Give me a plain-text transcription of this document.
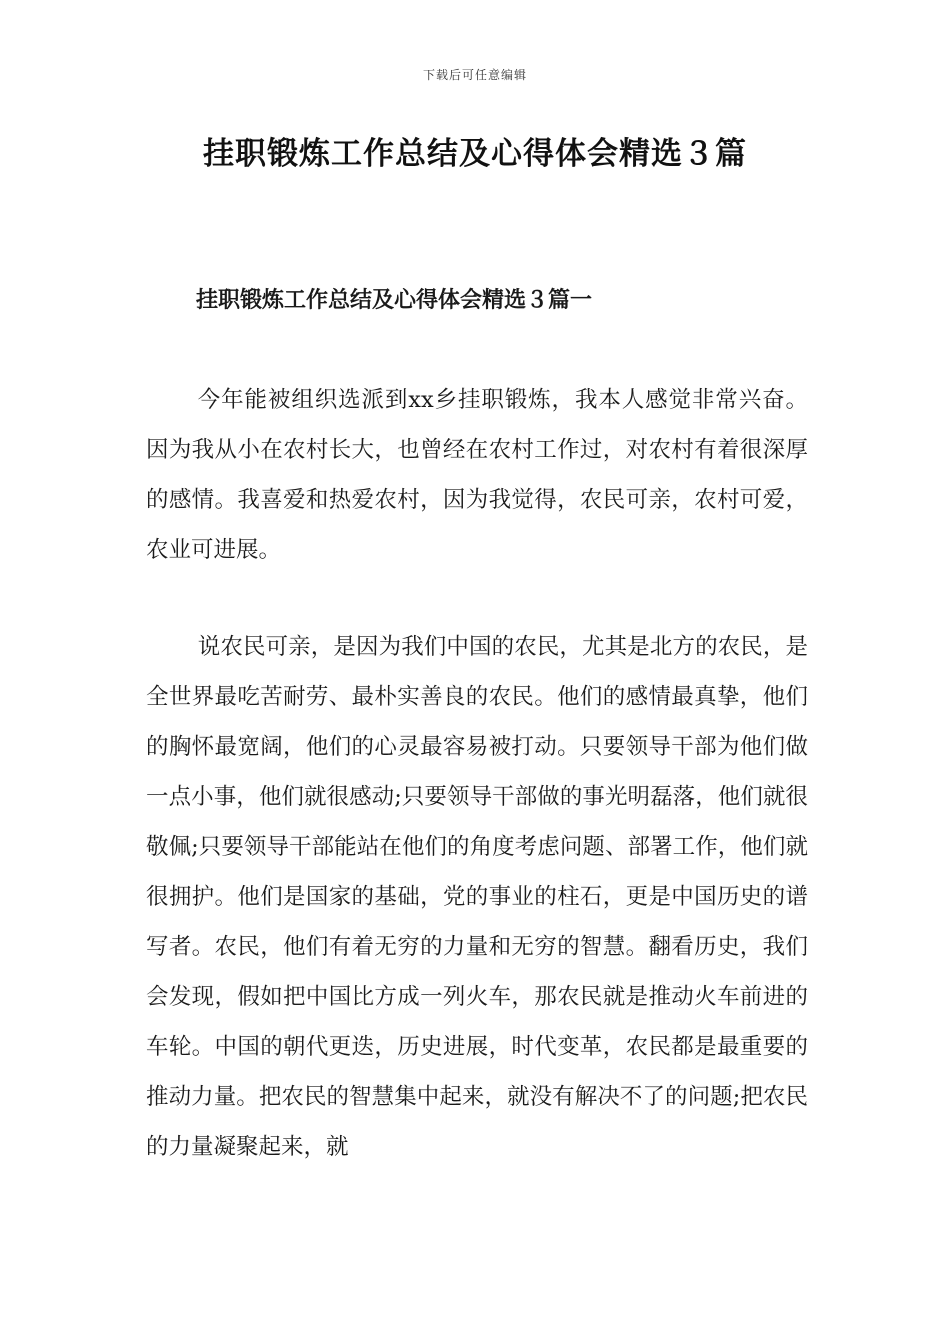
下载后可任意编辑
挂职锻炼工作总结及心得体会精选３篇
挂职锻炼工作总结及心得体会精选３篇一

今年能被组织选派到xx乡挂职锻炼，我本人感觉非常兴奋。因为我从小在农村长大，也曾经在农村工作过，对农村有着很深厚的感情。我喜爱和热爱农村，因为我觉得，农民可亲，农村可爱，农业可进展。

说农民可亲，是因为我们中国的农民，尤其是北方的农民，是全世界最吃苦耐劳、最朴实善良的农民。他们的感情最真挚，他们的胸怀最宽阔，他们的心灵最容易被打动。只要领导干部为他们做一点小事，他们就很感动;只要领导干部做的事光明磊落，他们就很敬佩;只要领导干部能站在他们的角度考虑问题、部署工作，他们就很拥护。他们是国家的基础，党的事业的柱石，更是中国历史的谱写者。农民，他们有着无穷的力量和无穷的智慧。翻看历史，我们会发现，假如把中国比方成一列火车，那农民就是推动火车前进的车轮。中国的朝代更迭，历史进展，时代变革，农民都是最重要的推动力量。把农民的智慧集中起来，就没有解决不了的问题;把农民的力量凝聚起来，就
